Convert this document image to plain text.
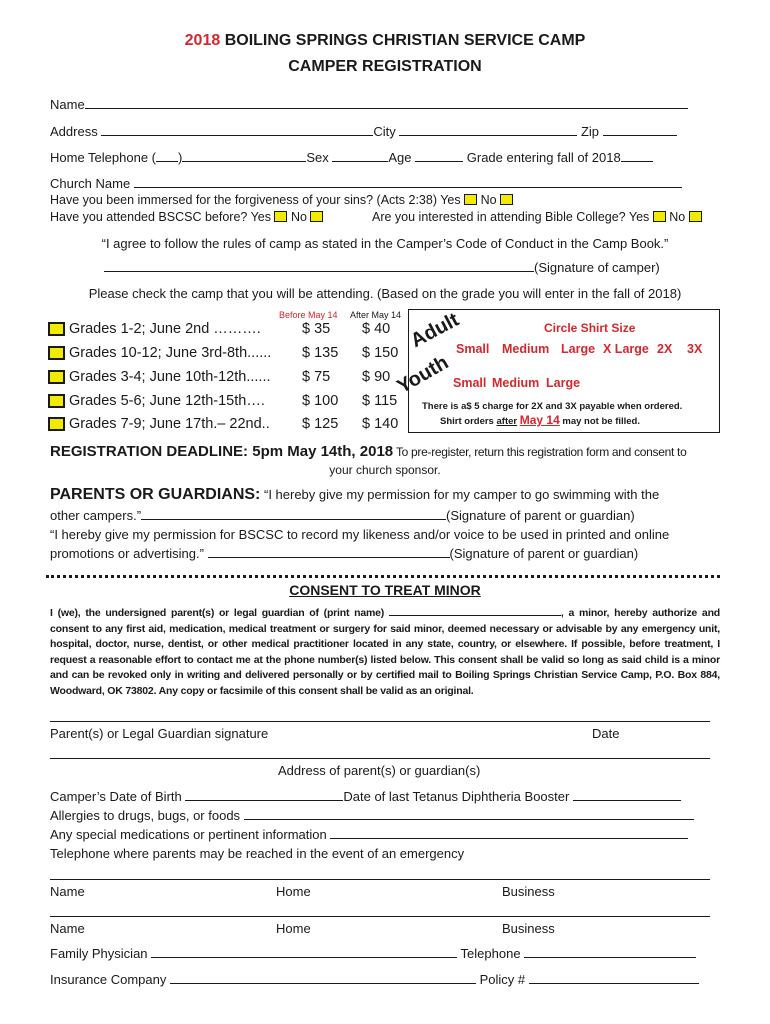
2018 BOILING SPRINGS CHRISTIAN SERVICE CAMP
CAMPER REGISTRATION
Name
Address	City	Zip
Home Telephone ( )	Sex	Age	Grade entering fall of 2018
Church Name
Have you been immersed for the forgiveness of your sins? (Acts 2:38) Yes No
Have you attended BSCSC before? Yes No	Are you interested in attending Bible College? Yes No
“I agree to follow the rules of camp as stated in the Camper’s Code of Conduct in the Camp Book.”
(Signature of camper)
Please check the camp that you will be attending. (Based on the grade you will enter in the fall of 2018)
Before May 14 After May 14
Grades 1-2; June 2nd ……….	$ 35	$ 40
Grades 10-12; June 3rd-8th......	$ 135	$ 150
Grades 3-4; June 10th-12th......	$ 75	$ 90
Grades 5-6; June 12th-15th….	$ 100	$ 115
Grades 7-9; June 17th.– 22nd..	$ 125	$ 140
Adult
Youth
Circle Shirt Size
Small Medium Large X Large 2X 3X
Small Medium Large
There is a$ 5 charge for 2X and 3X payable when ordered.
Shirt orders after May 14 may not be filled.
REGISTRATION DEADLINE: 5pm May 14th, 2018 To pre-register, return this registration form and consent to
your church sponsor.
PARENTS OR GUARDIANS: “I hereby give my permission for my camper to go swimming with the
other campers.”	(Signature of parent or guardian)
“I hereby give my permission for BSCSC to record my likeness and/or voice to be used in printed and online
promotions or advertising.”	(Signature of parent or guardian)
CONSENT TO TREAT MINOR
I (we), the undersigned parent(s) or legal guardian of (print name)	, a minor, hereby authorize and consent to any first aid, medication, medical treatment or surgery for said minor, deemed necessary or advisable by any emergency unit, hospital, doctor, nurse, dentist, or other medical practitioner located in any state, country, or elsewhere. If possible, before treatment, I request a reasonable effort to contact me at the phone number(s) listed below. This consent shall be valid so long as said child is a minor and can be revoked only in writing and delivered personally or by certified mail to Boiling Springs Christian Service Camp, P.O. Box 884, Woodward, OK 73802. Any copy or facsimile of this consent shall be valid as an original.
Parent(s) or Legal Guardian signature	Date
Address of parent(s) or guardian(s)
Camper’s Date of Birth	Date of last Tetanus Diphtheria Booster
Allergies to drugs, bugs, or foods
Any special medications or pertinent information
Telephone where parents may be reached in the event of an emergency
Name	Home	Business
Name	Home	Business
Family Physician	Telephone
Insurance Company	Policy #
